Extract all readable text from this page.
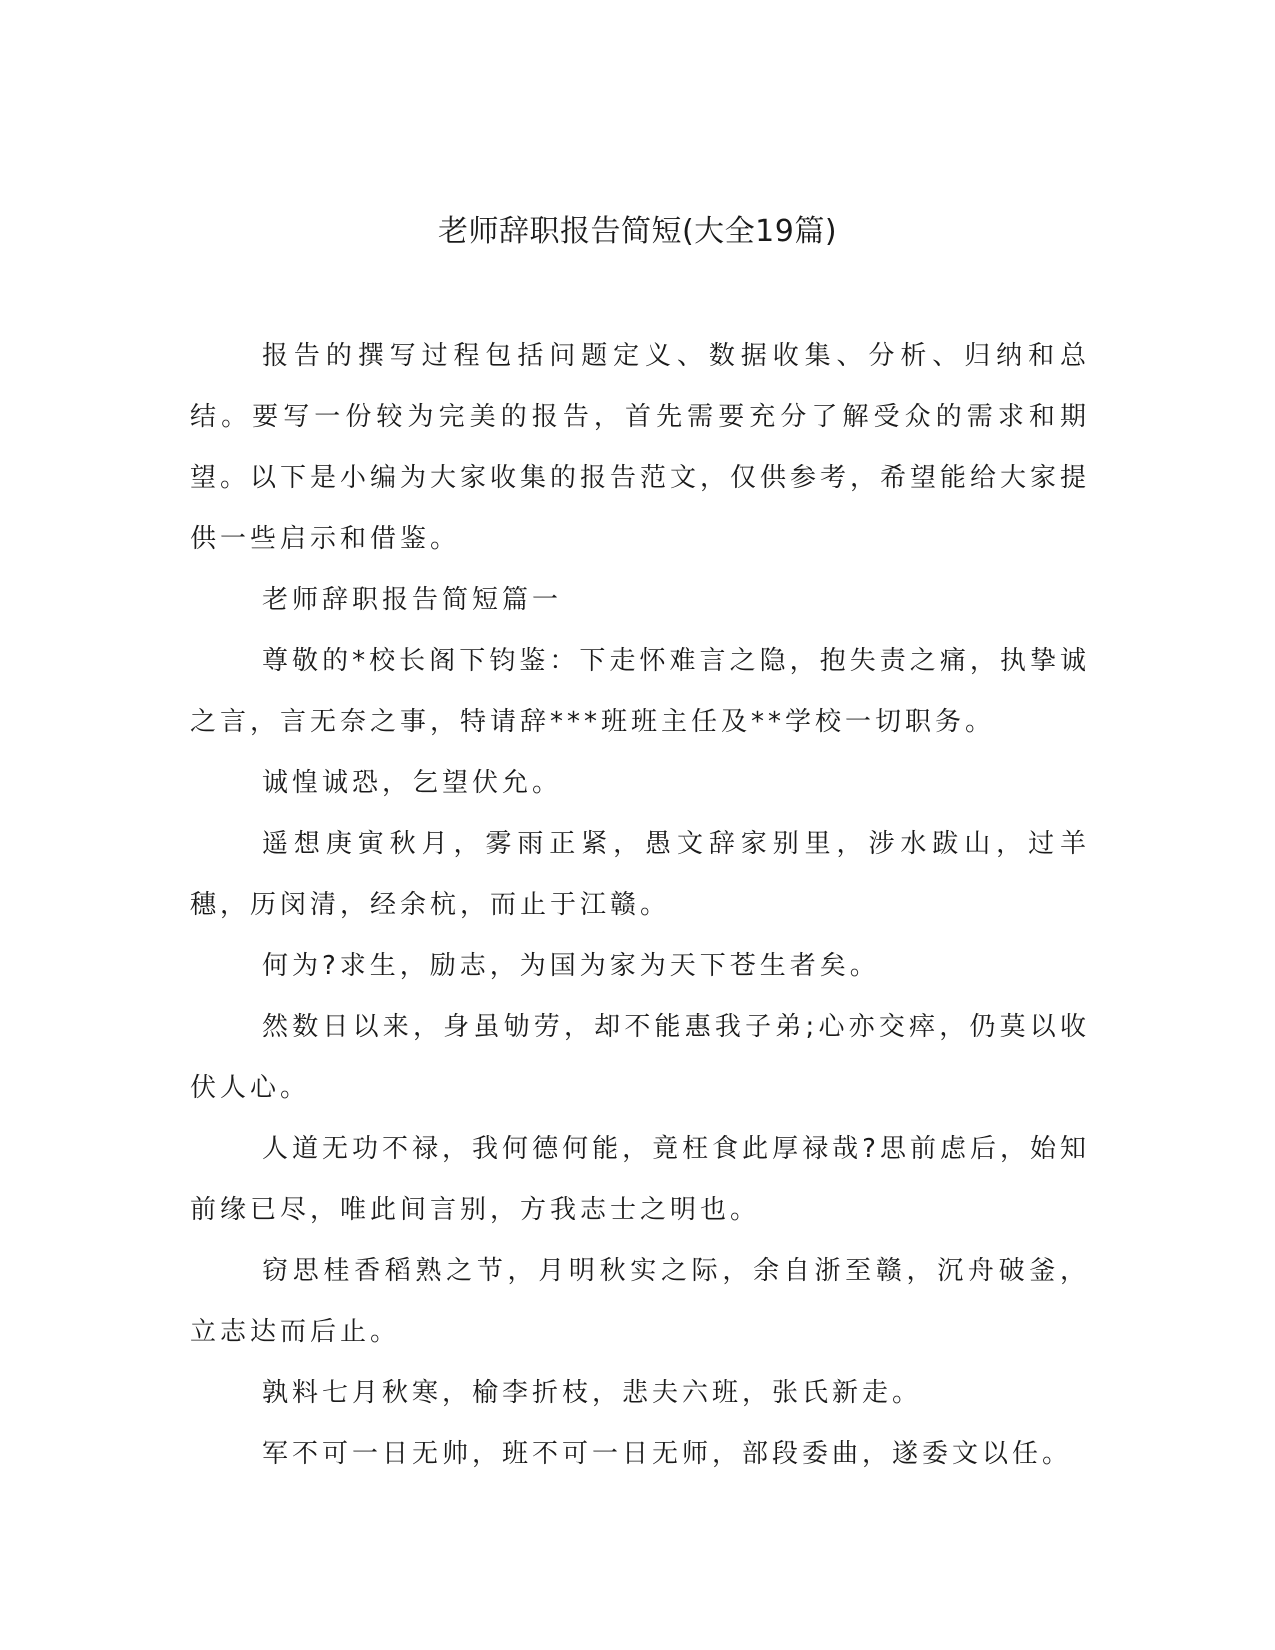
老师辞职报告简短(大全19篇)

报告的撰写过程包括问题定义、数据收集、分析、归纳和总结。要写一份较为完美的报告，首先需要充分了解受众的需求和期望。以下是小编为大家收集的报告范文，仅供参考，希望能给大家提供一些启示和借鉴。

老师辞职报告简短篇一

尊敬的*校长阁下钧鉴：下走怀难言之隐，抱失责之痛，执挚诚之言，言无奈之事，特请辞***班班主任及**学校一切职务。

诚惶诚恐，乞望伏允。

遥想庚寅秋月，雾雨正紧，愚文辞家别里，涉水跋山，过羊穗，历闵清，经余杭，而止于江赣。

何为?求生，励志，为国为家为天下苍生者矣。

然数日以来，身虽劬劳，却不能惠我子弟;心亦交瘁，仍莫以收伏人心。

人道无功不禄，我何德何能，竟枉食此厚禄哉?思前虑后，始知前缘已尽，唯此间言别，方我志士之明也。

窃思桂香稻熟之节，月明秋实之际，余自浙至赣，沉舟破釜，立志达而后止。

孰料七月秋寒，榆李折枝，悲夫六班，张氏新走。

军不可一日无帅，班不可一日无师，部段委曲，遂委文以任。
